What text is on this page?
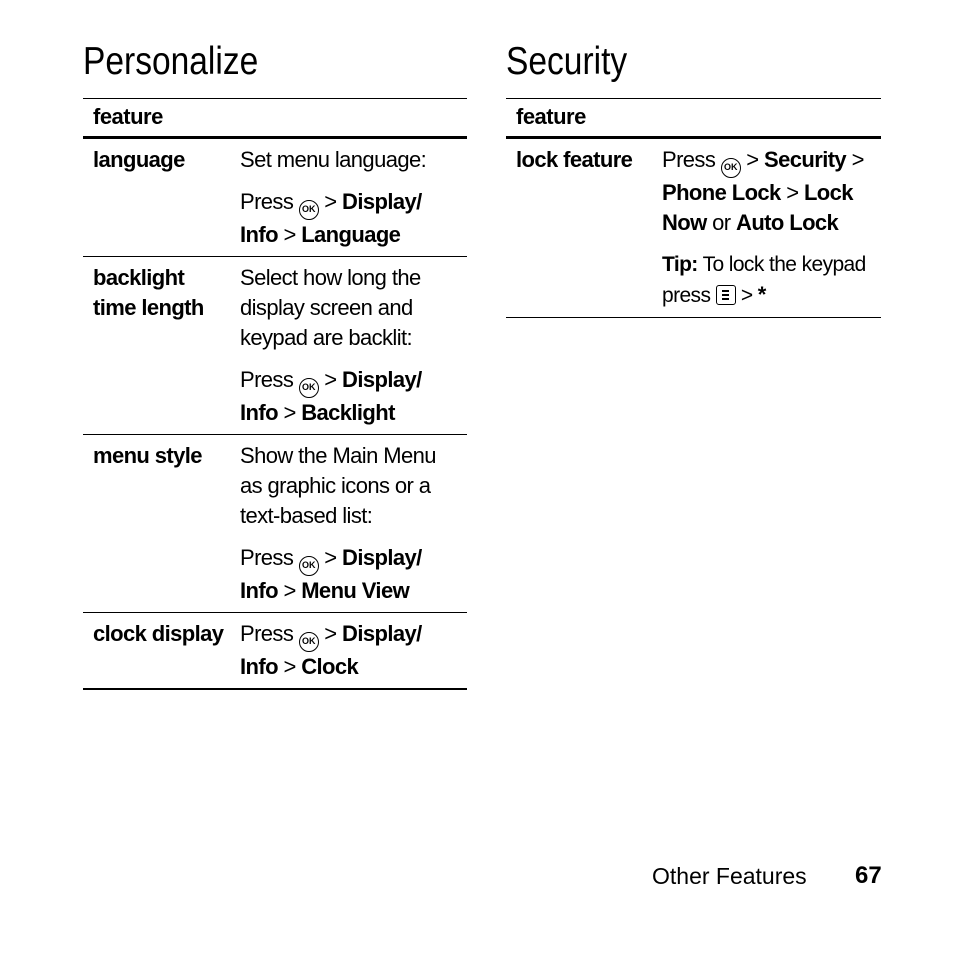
Personalize
feature	
language	Set menu language:
Press OK > Display/ Info > Language

backlight time length	Select how long the display screen and keypad are backlit:
Press OK > Display/ Info > Backlight

menu style	Show the Main Menu as graphic icons or a text-based list:
Press OK > Display/ Info > Menu View

clock display	Press OK > Display/ Info > Clock
Security
feature
lock feature	Press OK > Security > Phone Lock > Lock Now or Auto Lock
Tip: To lock the keypad press > *
Other Features 67
